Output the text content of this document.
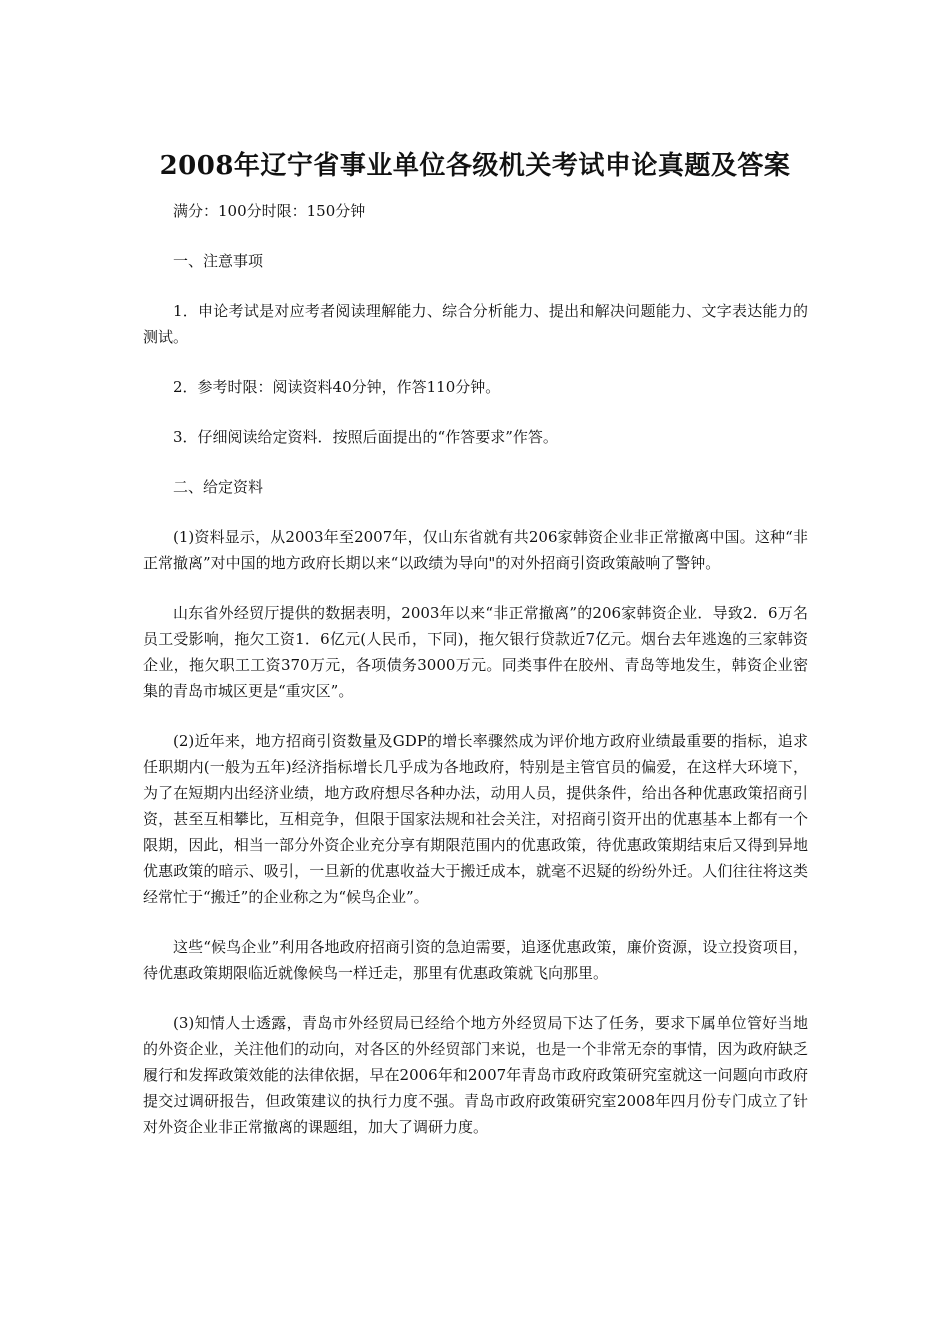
2008年辽宁省事业单位各级机关考试申论真题及答案

满分：100分时限：150分钟

一、注意事项

1．申论考试是对应考者阅读理解能力、综合分析能力、提出和解决问题能力、文字表达能力的测试。

2．参考时限：阅读资料40分钟，作答110分钟。

3．仔细阅读给定资料．按照后面提出的“作答要求”作答。

二、给定资料

(1)资料显示，从2003年至2007年，仅山东省就有共206家韩资企业非正常撤离中国。这种“非正常撤离”对中国的地方政府长期以来“以政绩为导向"的对外招商引资政策敲响了警钟。

山东省外经贸厅提供的数据表明，2003年以来“非正常撤离”的206家韩资企业．导致2．6万名员工受影响，拖欠工资1．6亿元(人民币，下同)，拖欠银行贷款近7亿元。烟台去年逃逸的三家韩资企业，拖欠职工工资370万元，各项债务3000万元。同类事件在胶州、青岛等地发生，韩资企业密集的青岛市城区更是“重灾区”。

(2)近年来，地方招商引资数量及GDP的增长率骤然成为评价地方政府业绩最重要的指标，追求任职期内(一般为五年)经济指标增长几乎成为各地政府，特别是主管官员的偏爱，在这样大环境下，为了在短期内出经济业绩，地方政府想尽各种办法，动用人员，提供条件，给出各种优惠政策招商引资，甚至互相攀比，互相竞争，但限于国家法规和社会关注，对招商引资开出的优惠基本上都有一个限期，因此，相当一部分外资企业充分享有期限范围内的优惠政策，待优惠政策期结束后又得到异地优惠政策的暗示、吸引，一旦新的优惠收益大于搬迁成本，就毫不迟疑的纷纷外迁。人们往往将这类经常忙于“搬迁”的企业称之为“候鸟企业”。

这些“候鸟企业”利用各地政府招商引资的急迫需要，追逐优惠政策，廉价资源，设立投资项目，待优惠政策期限临近就像候鸟一样迁走，那里有优惠政策就飞向那里。

(3)知情人士透露，青岛市外经贸局已经给个地方外经贸局下达了任务，要求下属单位管好当地的外资企业，关注他们的动向，对各区的外经贸部门来说，也是一个非常无奈的事情，因为政府缺乏履行和发挥政策效能的法律依据，早在2006年和2007年青岛市政府政策研究室就这一问题向市政府提交过调研报告，但政策建议的执行力度不强。青岛市政府政策研究室2008年四月份专门成立了针对外资企业非正常撤离的课题组，加大了调研力度。
